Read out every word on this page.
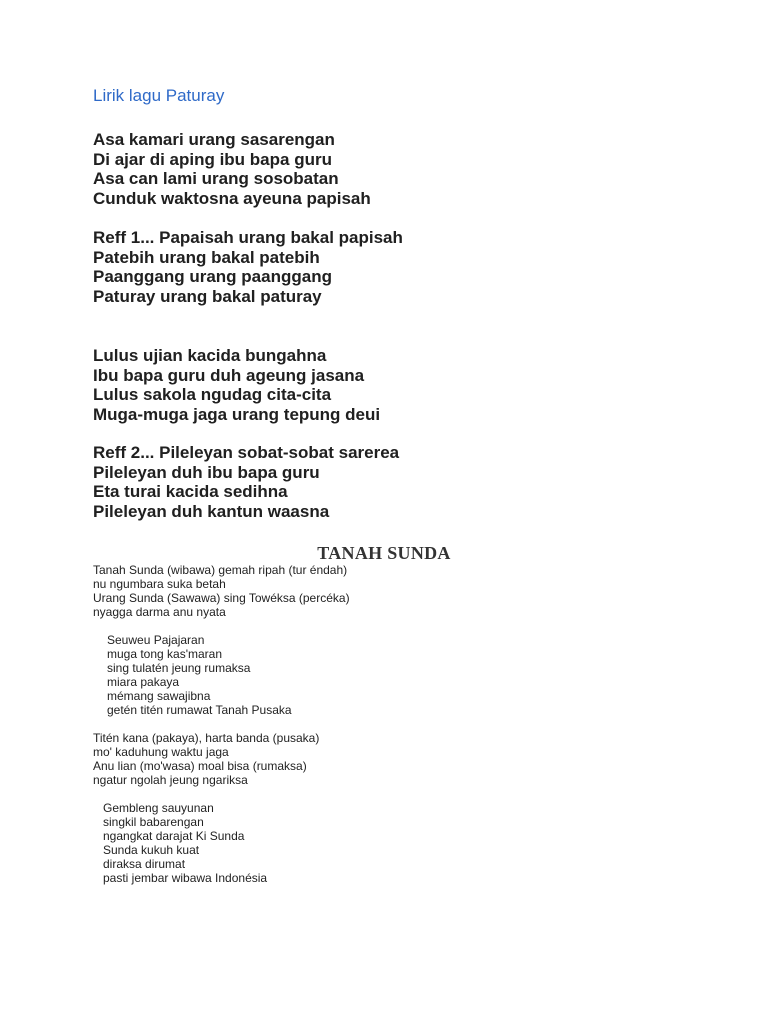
Lirik lagu Paturay
Asa kamari urang sasarengan
Di ajar di aping ibu bapa guru
Asa can lami urang sosobatan
Cunduk waktosna ayeuna papisah
Reff 1... Papaisah urang bakal papisah
Patebih urang bakal patebih
Paanggang urang paanggang
Paturay urang bakal paturay
Lulus ujian kacida bungahna
Ibu bapa guru duh ageung jasana
Lulus sakola ngudag cita-cita
Muga-muga jaga urang tepung deui
Reff 2... Pileleyan sobat-sobat sarerea
Pileleyan duh ibu bapa guru
Eta turai kacida sedihna
Pileleyan duh kantun waasna
TANAH SUNDA
Tanah Sunda (wibawa) gemah ripah (tur éndah)
nu ngumbara suka betah
Urang Sunda (Sawawa) sing Towéksa (percéka)
nyagga darma anu nyata
Seuweu Pajajaran
muga tong kas'maran
sing tulatén jeung rumaksa
miara pakaya
mémang sawajibna
getén titén rumawat Tanah Pusaka
Titén kana (pakaya), harta banda (pusaka)
mo' kaduhung waktu jaga
Anu lian (mo'wasa) moal bisa (rumaksa)
ngatur ngolah jeung ngariksa
Gembleng sauyunan
singkil babarengan
ngangkat darajat Ki Sunda
Sunda kukuh kuat
diraksa dirumat
pasti jembar wibawa Indonésia
